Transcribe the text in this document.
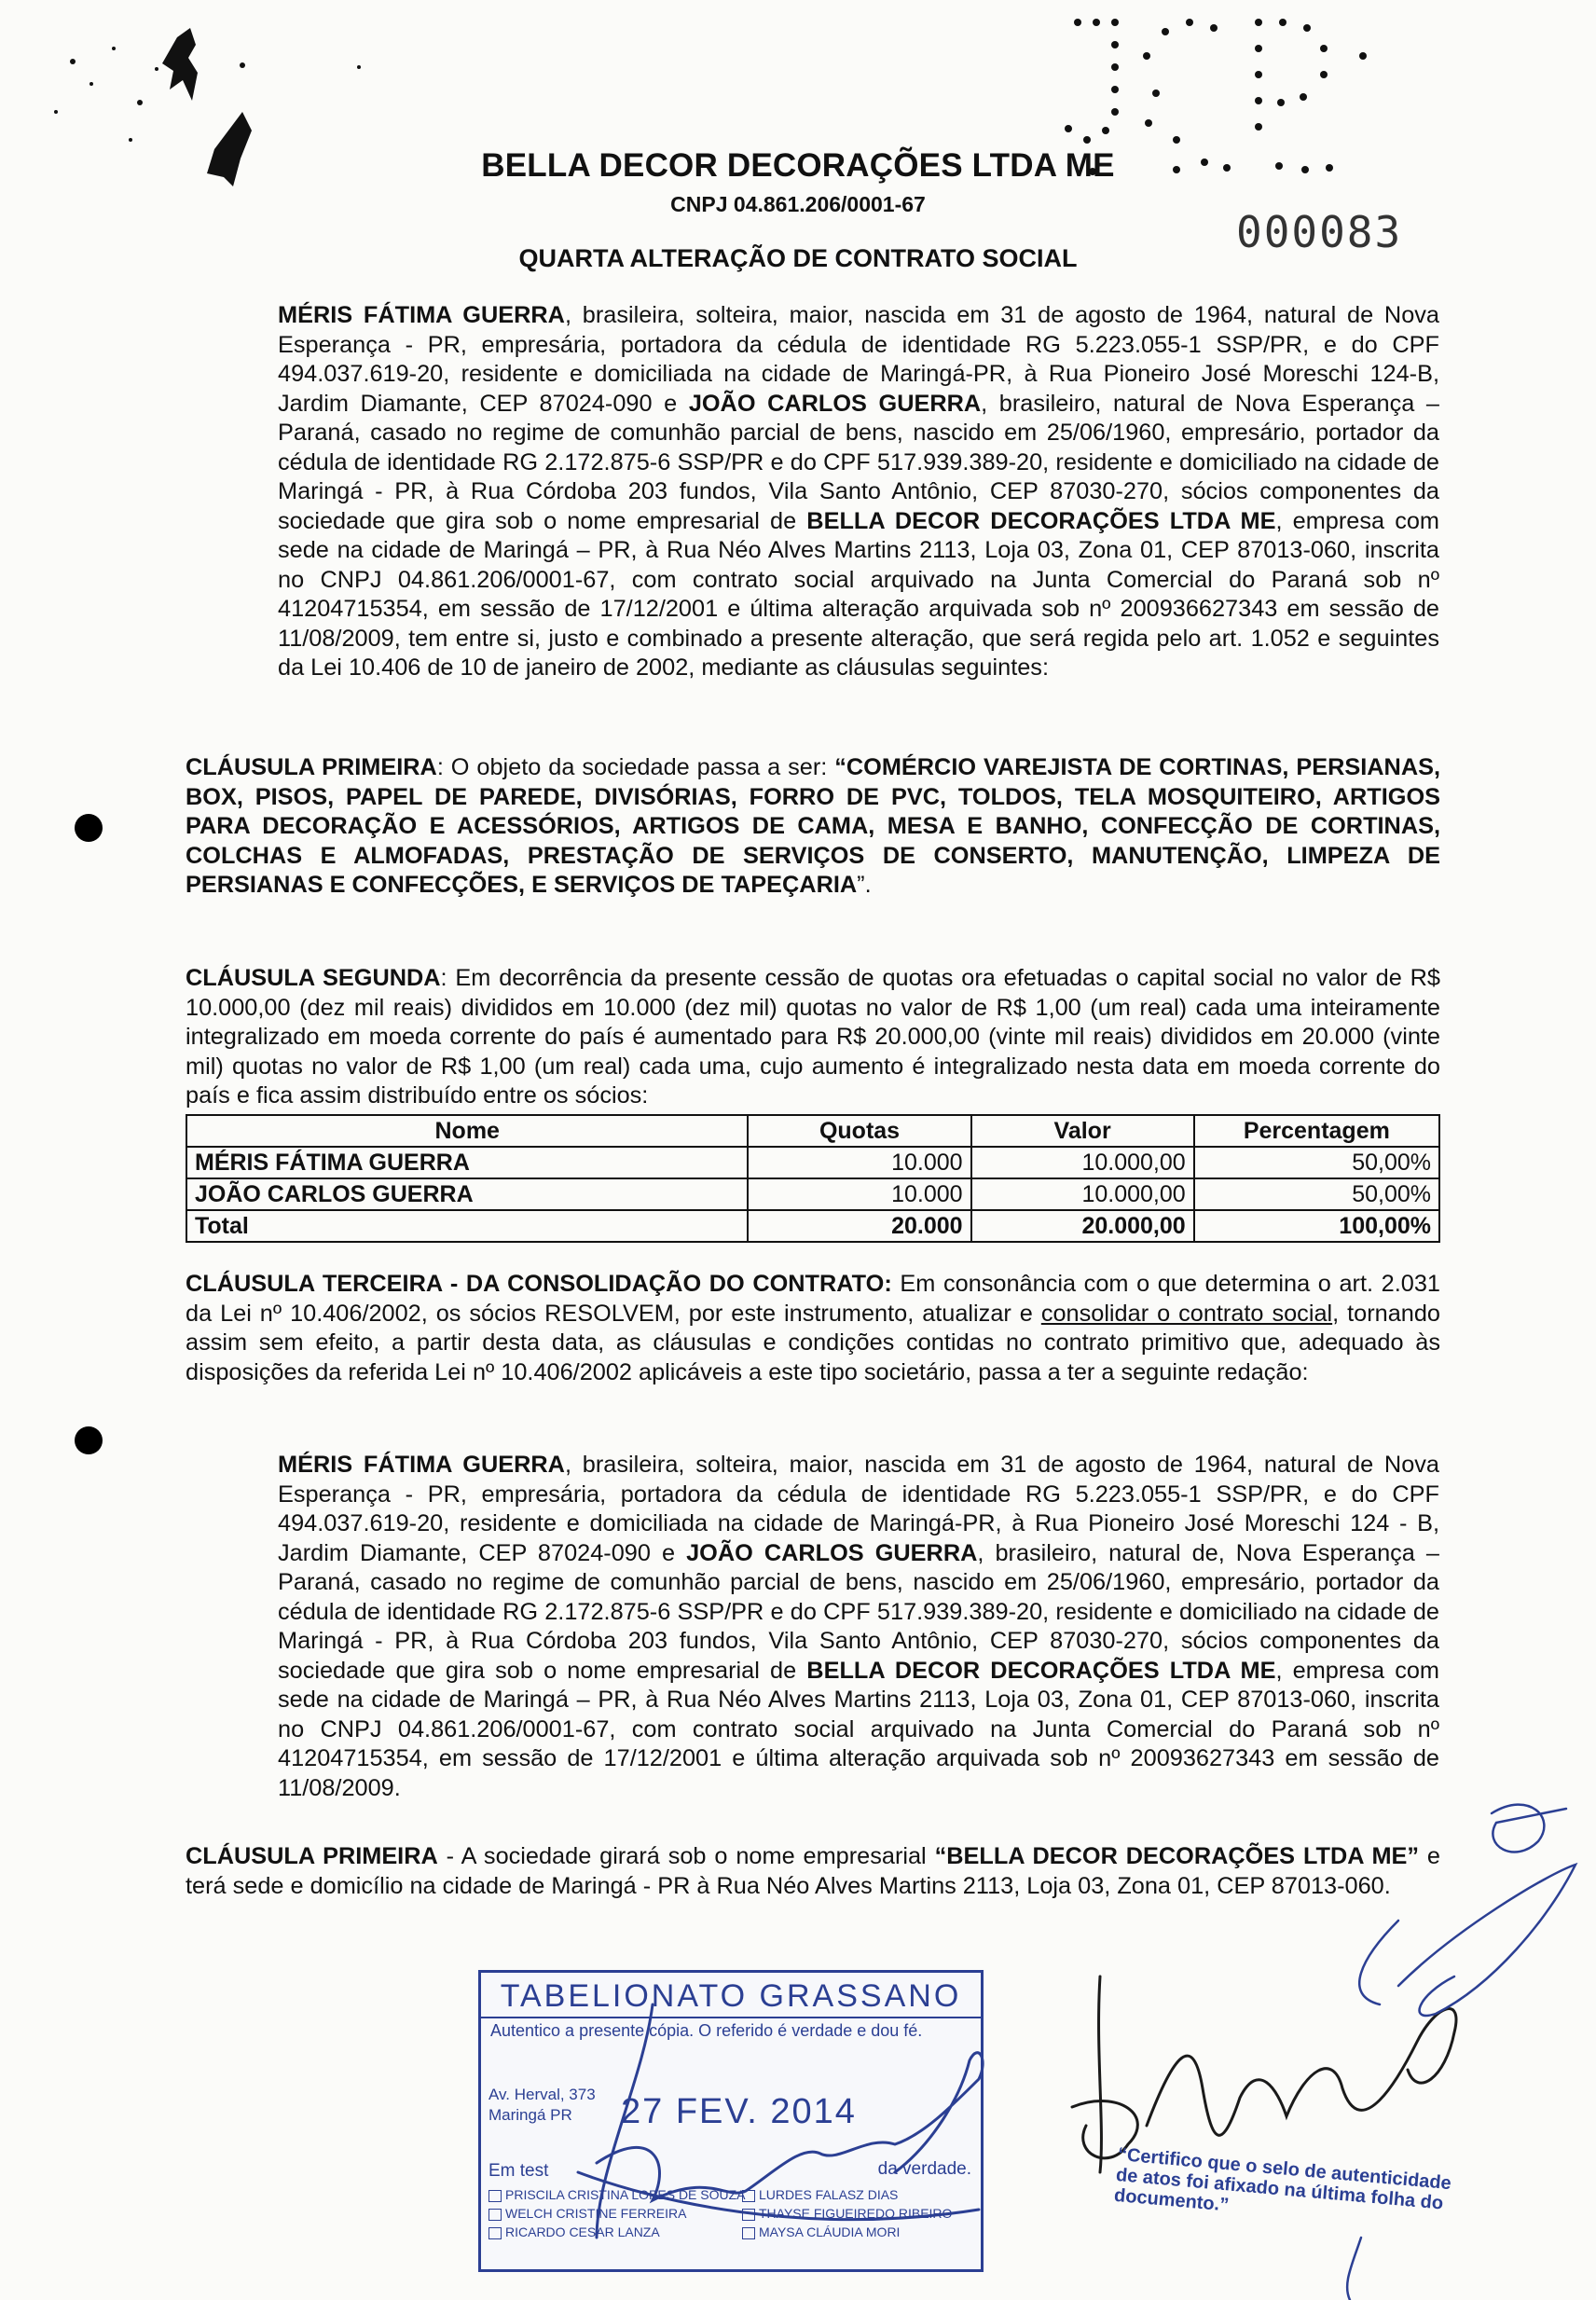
BELLA DECOR DECORAÇÕES LTDA ME
CNPJ 04.861.206/0001-67
000083
QUARTA ALTERAÇÃO DE CONTRATO SOCIAL
MÉRIS FÁTIMA GUERRA, brasileira, solteira, maior, nascida em 31 de agosto de 1964, natural de Nova Esperança - PR, empresária, portadora da cédula de identidade RG 5.223.055-1 SSP/PR, e do CPF 494.037.619-20, residente e domiciliada na cidade de Maringá-PR, à Rua Pioneiro José Moreschi 124-B, Jardim Diamante, CEP 87024-090 e JOÃO CARLOS GUERRA, brasileiro, natural de Nova Esperança – Paraná, casado no regime de comunhão parcial de bens, nascido em 25/06/1960, empresário, portador da cédula de identidade RG 2.172.875-6 SSP/PR e do CPF 517.939.389-20, residente e domiciliado na cidade de Maringá - PR, à Rua Córdoba 203 fundos, Vila Santo Antônio, CEP 87030-270, sócios componentes da sociedade que gira sob o nome empresarial de BELLA DECOR DECORAÇÕES LTDA ME, empresa com sede na cidade de Maringá – PR, à Rua Néo Alves Martins 2113, Loja 03, Zona 01, CEP 87013-060, inscrita no CNPJ 04.861.206/0001-67, com contrato social arquivado na Junta Comercial do Paraná sob nº 41204715354, em sessão de 17/12/2001 e última alteração arquivada sob nº 200936627343 em sessão de 11/08/2009, tem entre si, justo e combinado a presente alteração, que será regida pelo art. 1.052 e seguintes da Lei 10.406 de 10 de janeiro de 2002, mediante as cláusulas seguintes:
CLÁUSULA PRIMEIRA: O objeto da sociedade passa a ser: “COMÉRCIO VAREJISTA DE CORTINAS, PERSIANAS, BOX, PISOS, PAPEL DE PAREDE, DIVISÓRIAS, FORRO DE PVC, TOLDOS, TELA MOSQUITEIRO, ARTIGOS PARA DECORAÇÃO E ACESSÓRIOS, ARTIGOS DE CAMA, MESA E BANHO, CONFECÇÃO DE CORTINAS, COLCHAS E ALMOFADAS, PRESTAÇÃO DE SERVIÇOS DE CONSERTO, MANUTENÇÃO, LIMPEZA DE PERSIANAS E CONFECÇÕES, E SERVIÇOS DE TAPEÇARIA”.
CLÁUSULA SEGUNDA: Em decorrência da presente cessão de quotas ora efetuadas o capital social no valor de R$ 10.000,00 (dez mil reais) divididos em 10.000 (dez mil) quotas no valor de R$ 1,00 (um real) cada uma inteiramente integralizado em moeda corrente do país é aumentado para R$ 20.000,00 (vinte mil reais) divididos em 20.000 (vinte mil) quotas no valor de R$ 1,00 (um real) cada uma, cujo aumento é integralizado nesta data em moeda corrente do país e fica assim distribuído entre os sócios:
Nome	Quotas	Valor	Percentagem
MÉRIS FÁTIMA GUERRA	10.000	10.000,00	50,00%
JOÃO CARLOS GUERRA	10.000	10.000,00	50,00%
Total	20.000	20.000,00	100,00%
CLÁUSULA TERCEIRA - DA CONSOLIDAÇÃO DO CONTRATO: Em consonância com o que determina o art. 2.031 da Lei nº 10.406/2002, os sócios RESOLVEM, por este instrumento, atualizar e consolidar o contrato social, tornando assim sem efeito, a partir desta data, as cláusulas e condições contidas no contrato primitivo que, adequado às disposições da referida Lei nº 10.406/2002 aplicáveis a este tipo societário, passa a ter a seguinte redação:
MÉRIS FÁTIMA GUERRA, brasileira, solteira, maior, nascida em 31 de agosto de 1964, natural de Nova Esperança - PR, empresária, portadora da cédula de identidade RG 5.223.055-1 SSP/PR, e do CPF 494.037.619-20, residente e domiciliada na cidade de Maringá-PR, à Rua Pioneiro José Moreschi 124 - B, Jardim Diamante, CEP 87024-090 e JOÃO CARLOS GUERRA, brasileiro, natural de, Nova Esperança – Paraná, casado no regime de comunhão parcial de bens, nascido em 25/06/1960, empresário, portador da cédula de identidade RG 2.172.875-6 SSP/PR e do CPF 517.939.389-20, residente e domiciliado na cidade de Maringá - PR, à Rua Córdoba 203 fundos, Vila Santo Antônio, CEP 87030-270, sócios componentes da sociedade que gira sob o nome empresarial de BELLA DECOR DECORAÇÕES LTDA ME, empresa com sede na cidade de Maringá – PR, à Rua Néo Alves Martins 2113, Loja 03, Zona 01, CEP 87013-060, inscrita no CNPJ 04.861.206/0001-67, com contrato social arquivado na Junta Comercial do Paraná sob nº 41204715354, em sessão de 17/12/2001 e última alteração arquivada sob nº 20093627343 em sessão de 11/08/2009.
CLÁUSULA PRIMEIRA - A sociedade girará sob o nome empresarial “BELLA DECOR DECORAÇÕES LTDA ME” e terá sede e domicílio na cidade de Maringá - PR à Rua Néo Alves Martins 2113, Loja 03, Zona 01, CEP 87013-060.
TABELIONATO GRASSANO
Autentico a presente cópia. O referido é verdade e dou fé.
Av. Herval, 373
Maringá PR	27 FEV. 2014
Em test	da verdade.
PRISCILA CRISTINA LOPES DE SOUZA
WELCH CRISTINE FERREIRA
RICARDO CESAR LANZA
LURDES FALASZ DIAS
THAYSE FIGUEIREDO RIBEIRO
MAYSA CLÁUDIA MORI
“Certifico que o selo de autenticidade de atos foi afixado na última folha do documento.”
